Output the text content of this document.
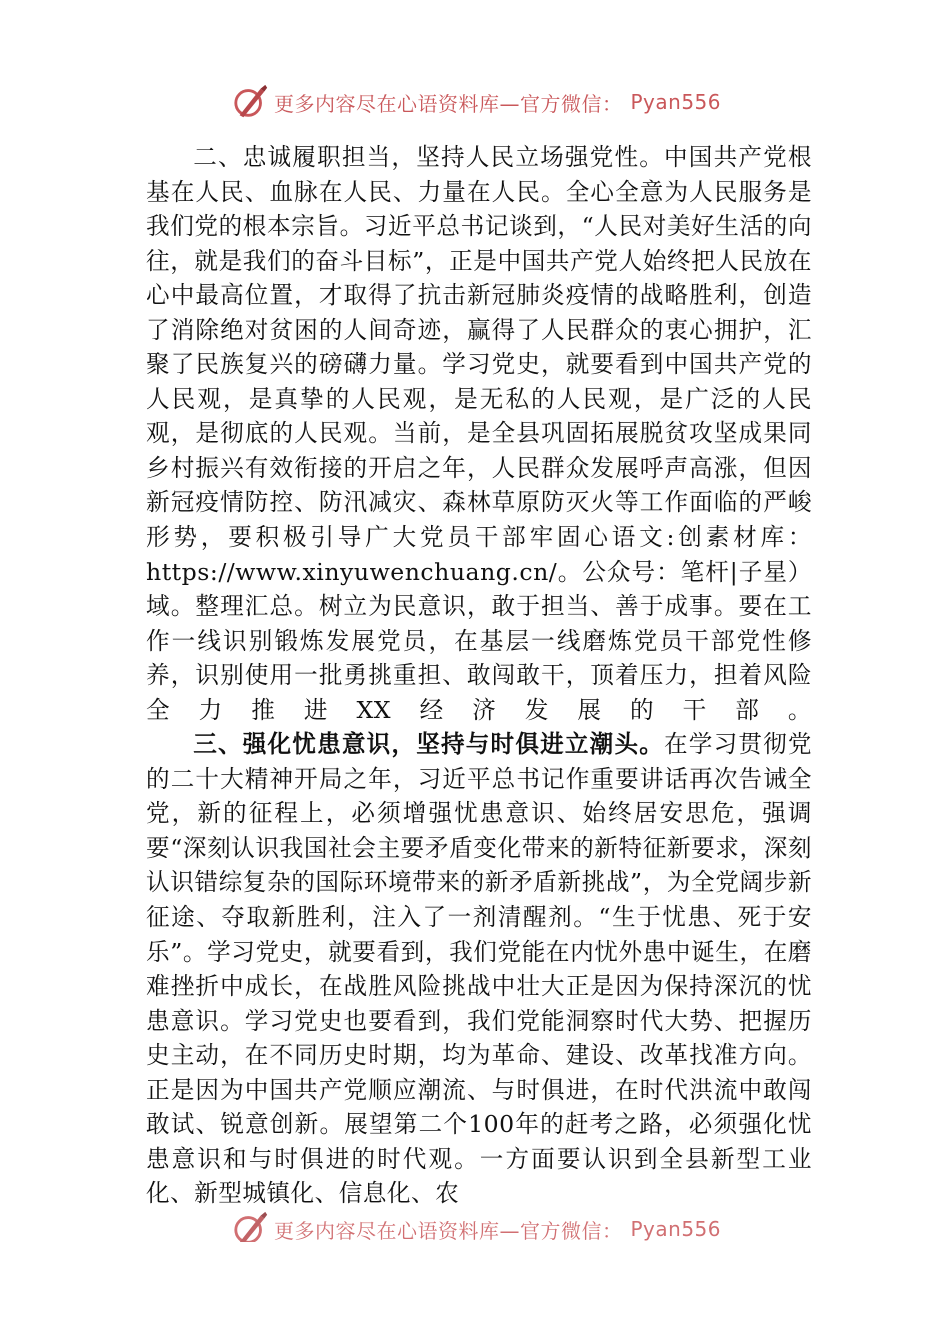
更多内容尽在心语资料库—官方微信： Pyan556

二、忠诚履职担当，坚持人民立场强党性。中国共产党根基在人民、血脉在人民、力量在人民。全心全意为人民服务是我们党的根本宗旨。习近平总书记谈到，“人民对美好生活的向往，就是我们的奋斗目标”，正是中国共产党人始终把人民放在心中最高位置，才取得了抗击新冠肺炎疫情的战略胜利，创造了消除绝对贫困的人间奇迹，赢得了人民群众的衷心拥护，汇聚了民族复兴的磅礴力量。学习党史，就要看到中国共产党的人民观，是真挚的人民观，是无私的人民观，是广泛的人民观，是彻底的人民观。当前，是全县巩固拓展脱贫攻坚成果同乡村振兴有效衔接的开启之年，人民群众发展呼声高涨，但因新冠疫情防控、防汛减灾、森林草原防灭火等工作面临的严峻形势，要积极引导广大党员干部牢固心语文:创素材库：https://www.xinyuwenchuang.cn/。公众号：笔杆|子星）域。整理汇总。树立为民意识，敢于担当、善于成事。要在工作一线识别锻炼发展党员，在基层一线磨炼党员干部党性修养，识别使用一批勇挑重担、敢闯敢干，顶着压力，担着风险全力推进XX经济发展的干部。

三、强化忧患意识，坚持与时俱进立潮头。在学习贯彻党的二十大精神开局之年，习近平总书记作重要讲话再次告诫全党，新的征程上，必须增强忧患意识、始终居安思危，强调要“深刻认识我国社会主要矛盾变化带来的新特征新要求，深刻认识错综复杂的国际环境带来的新矛盾新挑战”，为全党阔步新征途、夺取新胜利，注入了一剂清醒剂。“生于忧患、死于安乐”。学习党史，就要看到，我们党能在内忧外患中诞生，在磨难挫折中成长，在战胜风险挑战中壮大正是因为保持深沉的忧患意识。学习党史也要看到，我们党能洞察时代大势、把握历史主动，在不同历史时期，均为革命、建设、改革找准方向。正是因为中国共产党顺应潮流、与时俱进，在时代洪流中敢闯敢试、锐意创新。展望第二个100年的赶考之路，必须强化忧患意识和与时俱进的时代观。一方面要认识到全县新型工业化、新型城镇化、信息化、农

更多内容尽在心语资料库—官方微信： Pyan556
